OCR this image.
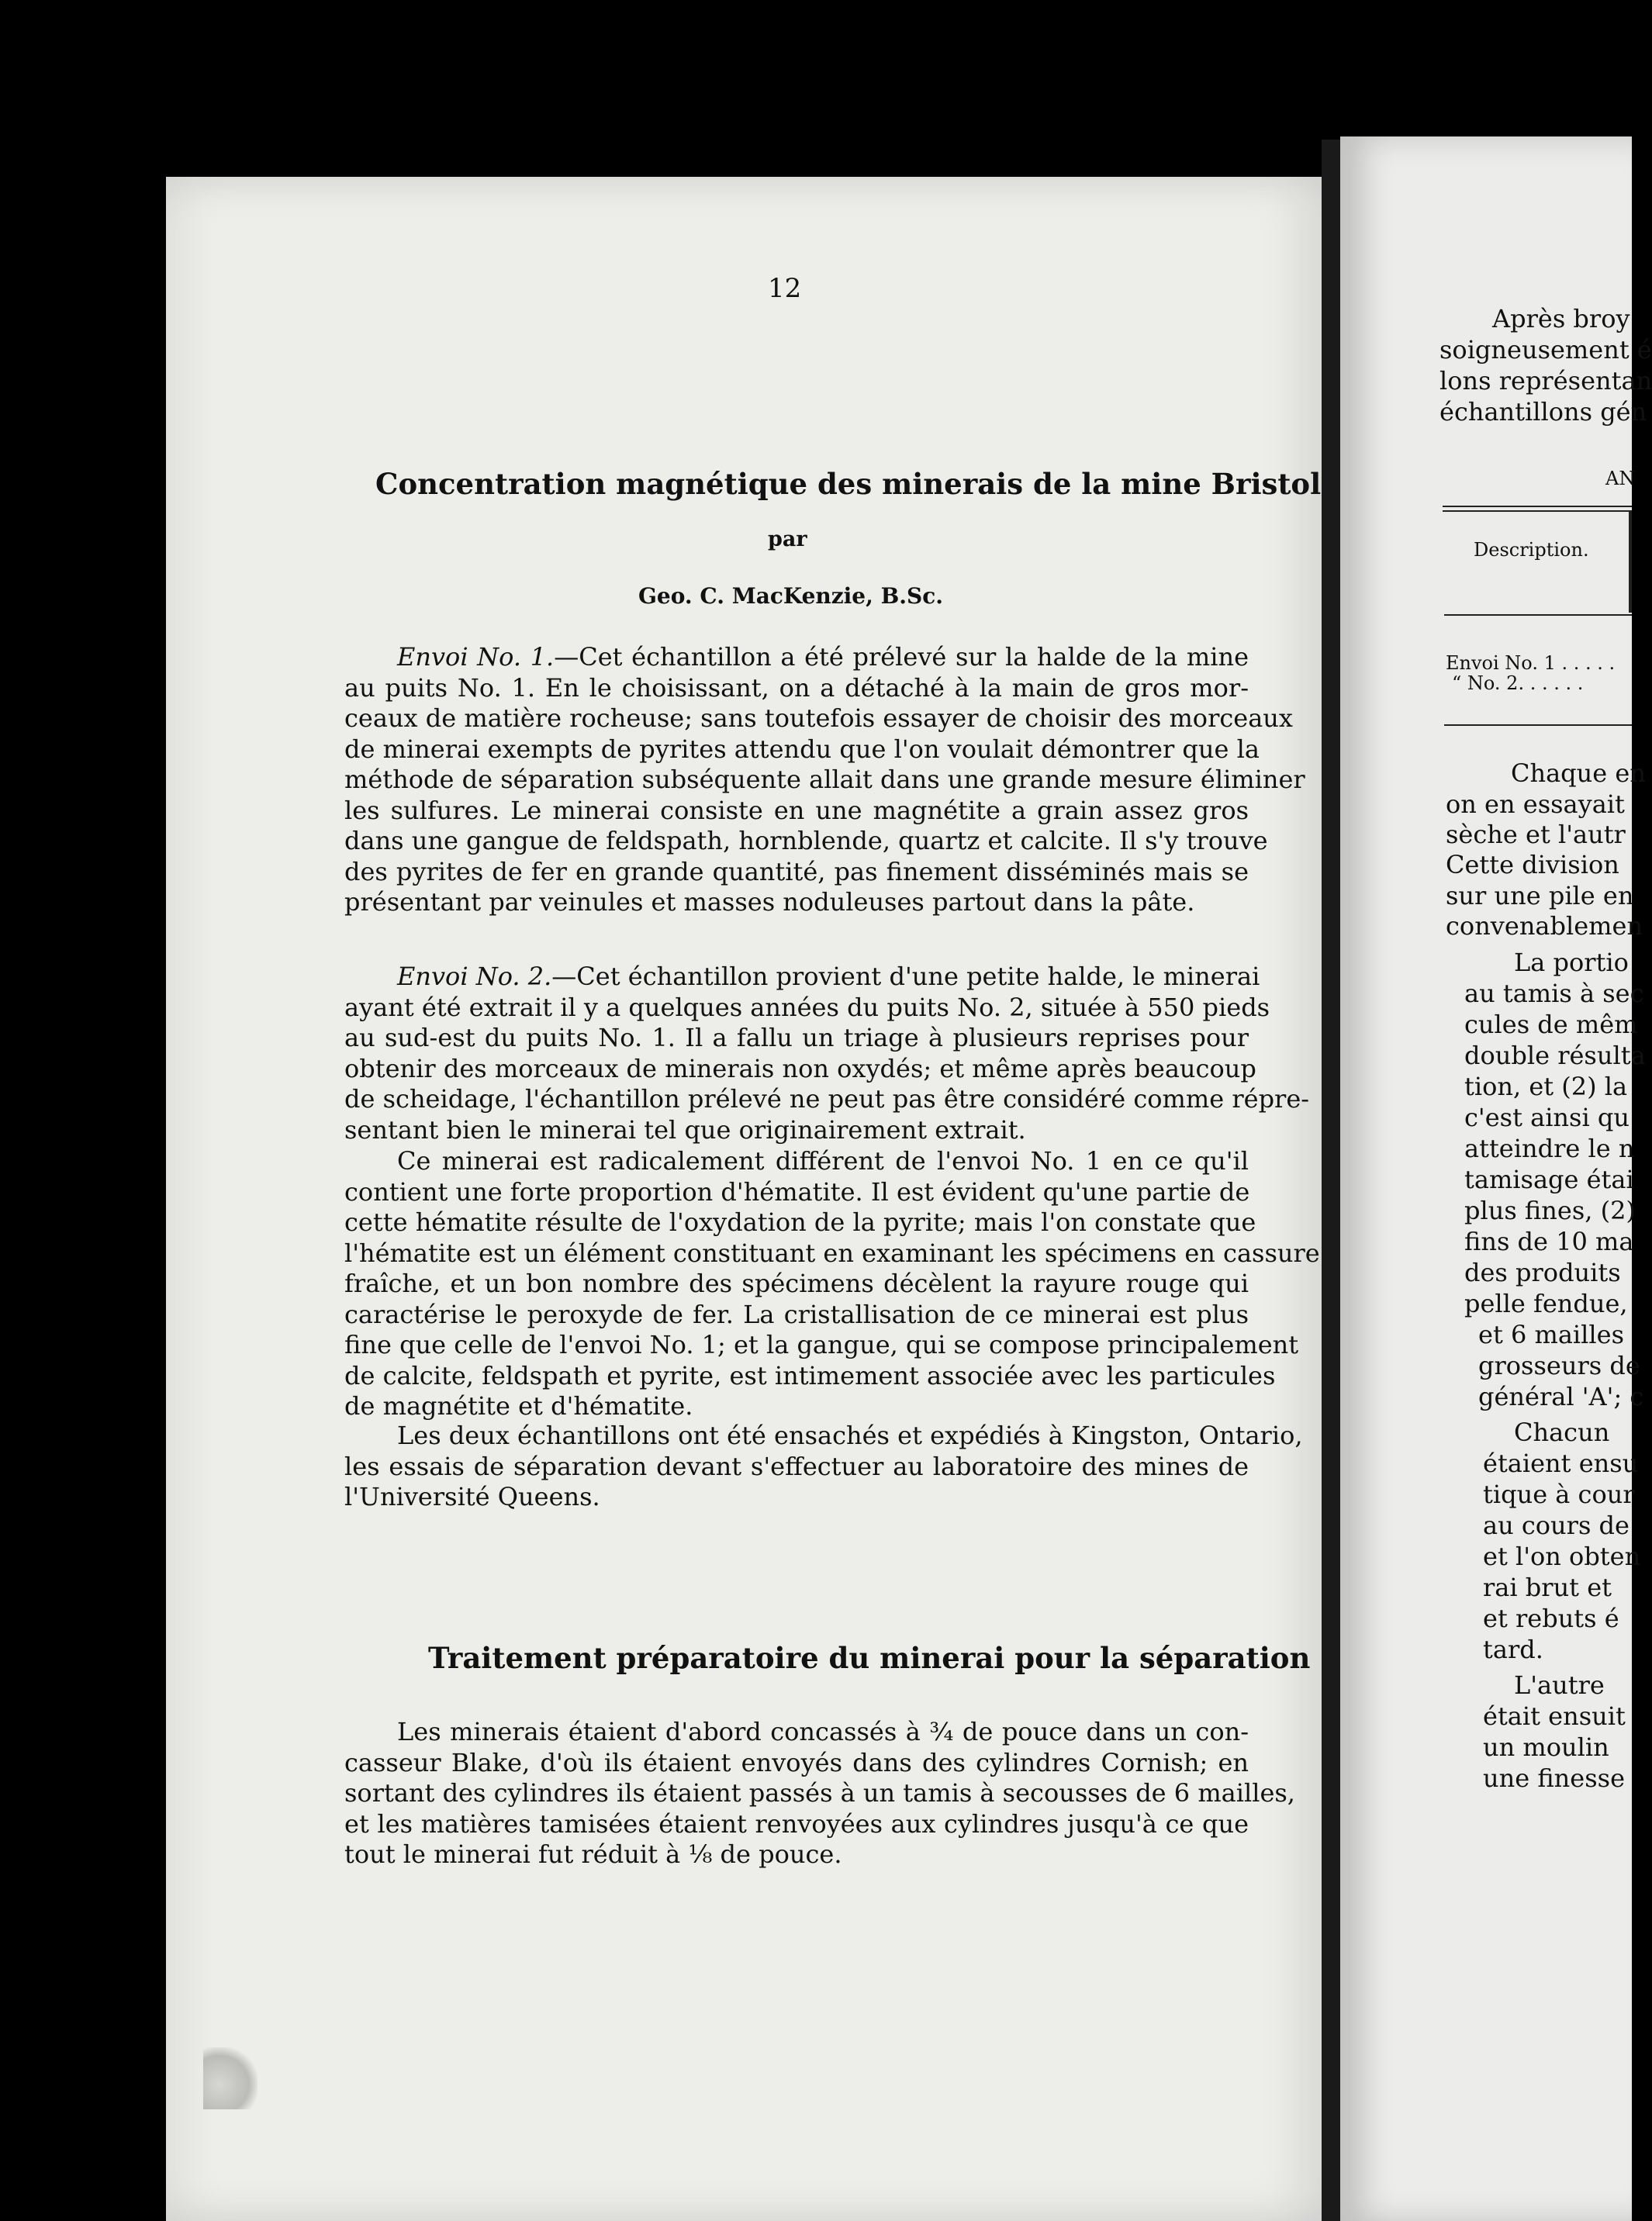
12
Concentration magnétique des minerais de la mine Bristol
par
Geo. C. MacKenzie, B.Sc.
Envoi No. 1.—Cet échantillon a été prélevé sur la halde de la mine
au puits No. 1. En le choisissant, on a détaché à la main de gros mor-
ceaux de matière rocheuse; sans toutefois essayer de choisir des morceaux
de minerai exempts de pyrites attendu que l'on voulait démontrer que la
méthode de séparation subséquente allait dans une grande mesure éliminer
les sulfures. Le minerai consiste en une magnétite a grain assez gros
dans une gangue de feldspath, hornblende, quartz et calcite. Il s'y trouve
des pyrites de fer en grande quantité, pas finement disséminés mais se
présentant par veinules et masses noduleuses partout dans la pâte.
Envoi No. 2.—Cet échantillon provient d'une petite halde, le minerai
ayant été extrait il y a quelques années du puits No. 2, située à 550 pieds
au sud-est du puits No. 1. Il a fallu un triage à plusieurs reprises pour
obtenir des morceaux de minerais non oxydés; et même après beaucoup
de scheidage, l'échantillon prélevé ne peut pas être considéré comme répre-
sentant bien le minerai tel que originairement extrait.
Ce minerai est radicalement différent de l'envoi No. 1 en ce qu'il
contient une forte proportion d'hématite. Il est évident qu'une partie de
cette hématite résulte de l'oxydation de la pyrite; mais l'on constate que
l'hématite est un élément constituant en examinant les spécimens en cassure
fraîche, et un bon nombre des spécimens décèlent la rayure rouge qui
caractérise le peroxyde de fer. La cristallisation de ce minerai est plus
fine que celle de l'envoi No. 1; et la gangue, qui se compose principalement
de calcite, feldspath et pyrite, est intimement associée avec les particules
de magnétite et d'hématite.
Les deux échantillons ont été ensachés et expédiés à Kingston, Ontario,
les essais de séparation devant s'effectuer au laboratoire des mines de
l'Université Queens.
Traitement préparatoire du minerai pour la séparation
Les minerais étaient d'abord concassés à ¾ de pouce dans un con-
casseur Blake, d'où ils étaient envoyés dans des cylindres Cornish; en
sortant des cylindres ils étaient passés à un tamis à secousses de 6 mailles,
et les matières tamisées étaient renvoyées aux cylindres jusqu'à ce que
tout le minerai fut réduit à ⅛ de pouce.
Après broy
soigneusement é
lons représentan
échantillons gén
AN
Description.
Envoi No. 1 . . . . .
“ No. 2. . . . . .
Chaque en
on en essayait
sèche et l'autr
Cette division
sur une pile en
convenablemen
La portio
au tamis à sec
cules de mêm
double résulta
tion, et (2) la
c'est ainsi qu
atteindre le n
tamisage étai
plus fines, (2)
fins de 10 ma
des produits
pelle fendue,
et 6 mailles
grosseurs de
général 'A'; c
Chacun
étaient ensu
tique à cour
au cours de
et l'on obten
rai brut et
et rebuts é
tard.
L'autre
était ensuit
un moulin
une finesse
